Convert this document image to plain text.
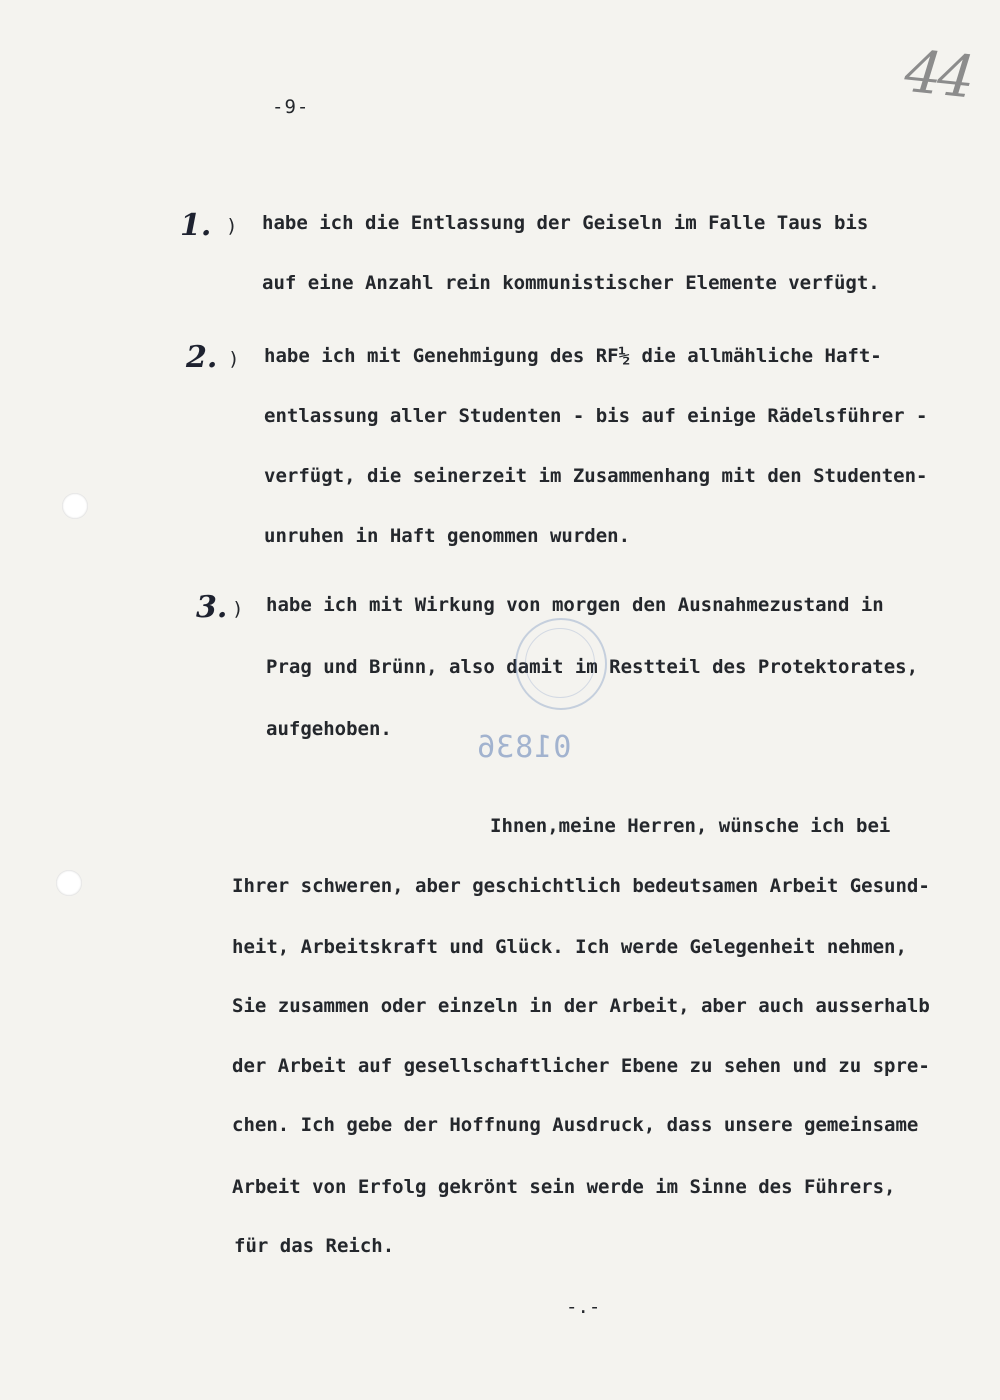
-9-	44
1. ) habe ich die Entlassung der Geiseln im Falle Taus bis
auf eine Anzahl rein kommunistischer Elemente verfügt.
2. ) habe ich mit Genehmigung des RF½ die allmähliche Haft-
entlassung aller Studenten - bis auf einige Rädelsführer -
verfügt, die seinerzeit im Zusammenhang mit den Studenten-
unruhen in Haft genommen wurden.
3. ) habe ich mit Wirkung von morgen den Ausnahmezustand in
Prag und Brünn, also damit im Restteil des Protektorates,
aufgehoben.
01836
Ihnen,meine Herren, wünsche ich bei
Ihrer schweren, aber geschichtlich bedeutsamen Arbeit Gesund-
heit, Arbeitskraft und Glück. Ich werde Gelegenheit nehmen,
Sie zusammen oder einzeln in der Arbeit, aber auch ausserhalb
der Arbeit auf gesellschaftlicher Ebene zu sehen und zu spre-
chen. Ich gebe der Hoffnung Ausdruck, dass unsere gemeinsame
Arbeit von Erfolg gekrönt sein werde im Sinne des Führers,
für das Reich.
-.-
